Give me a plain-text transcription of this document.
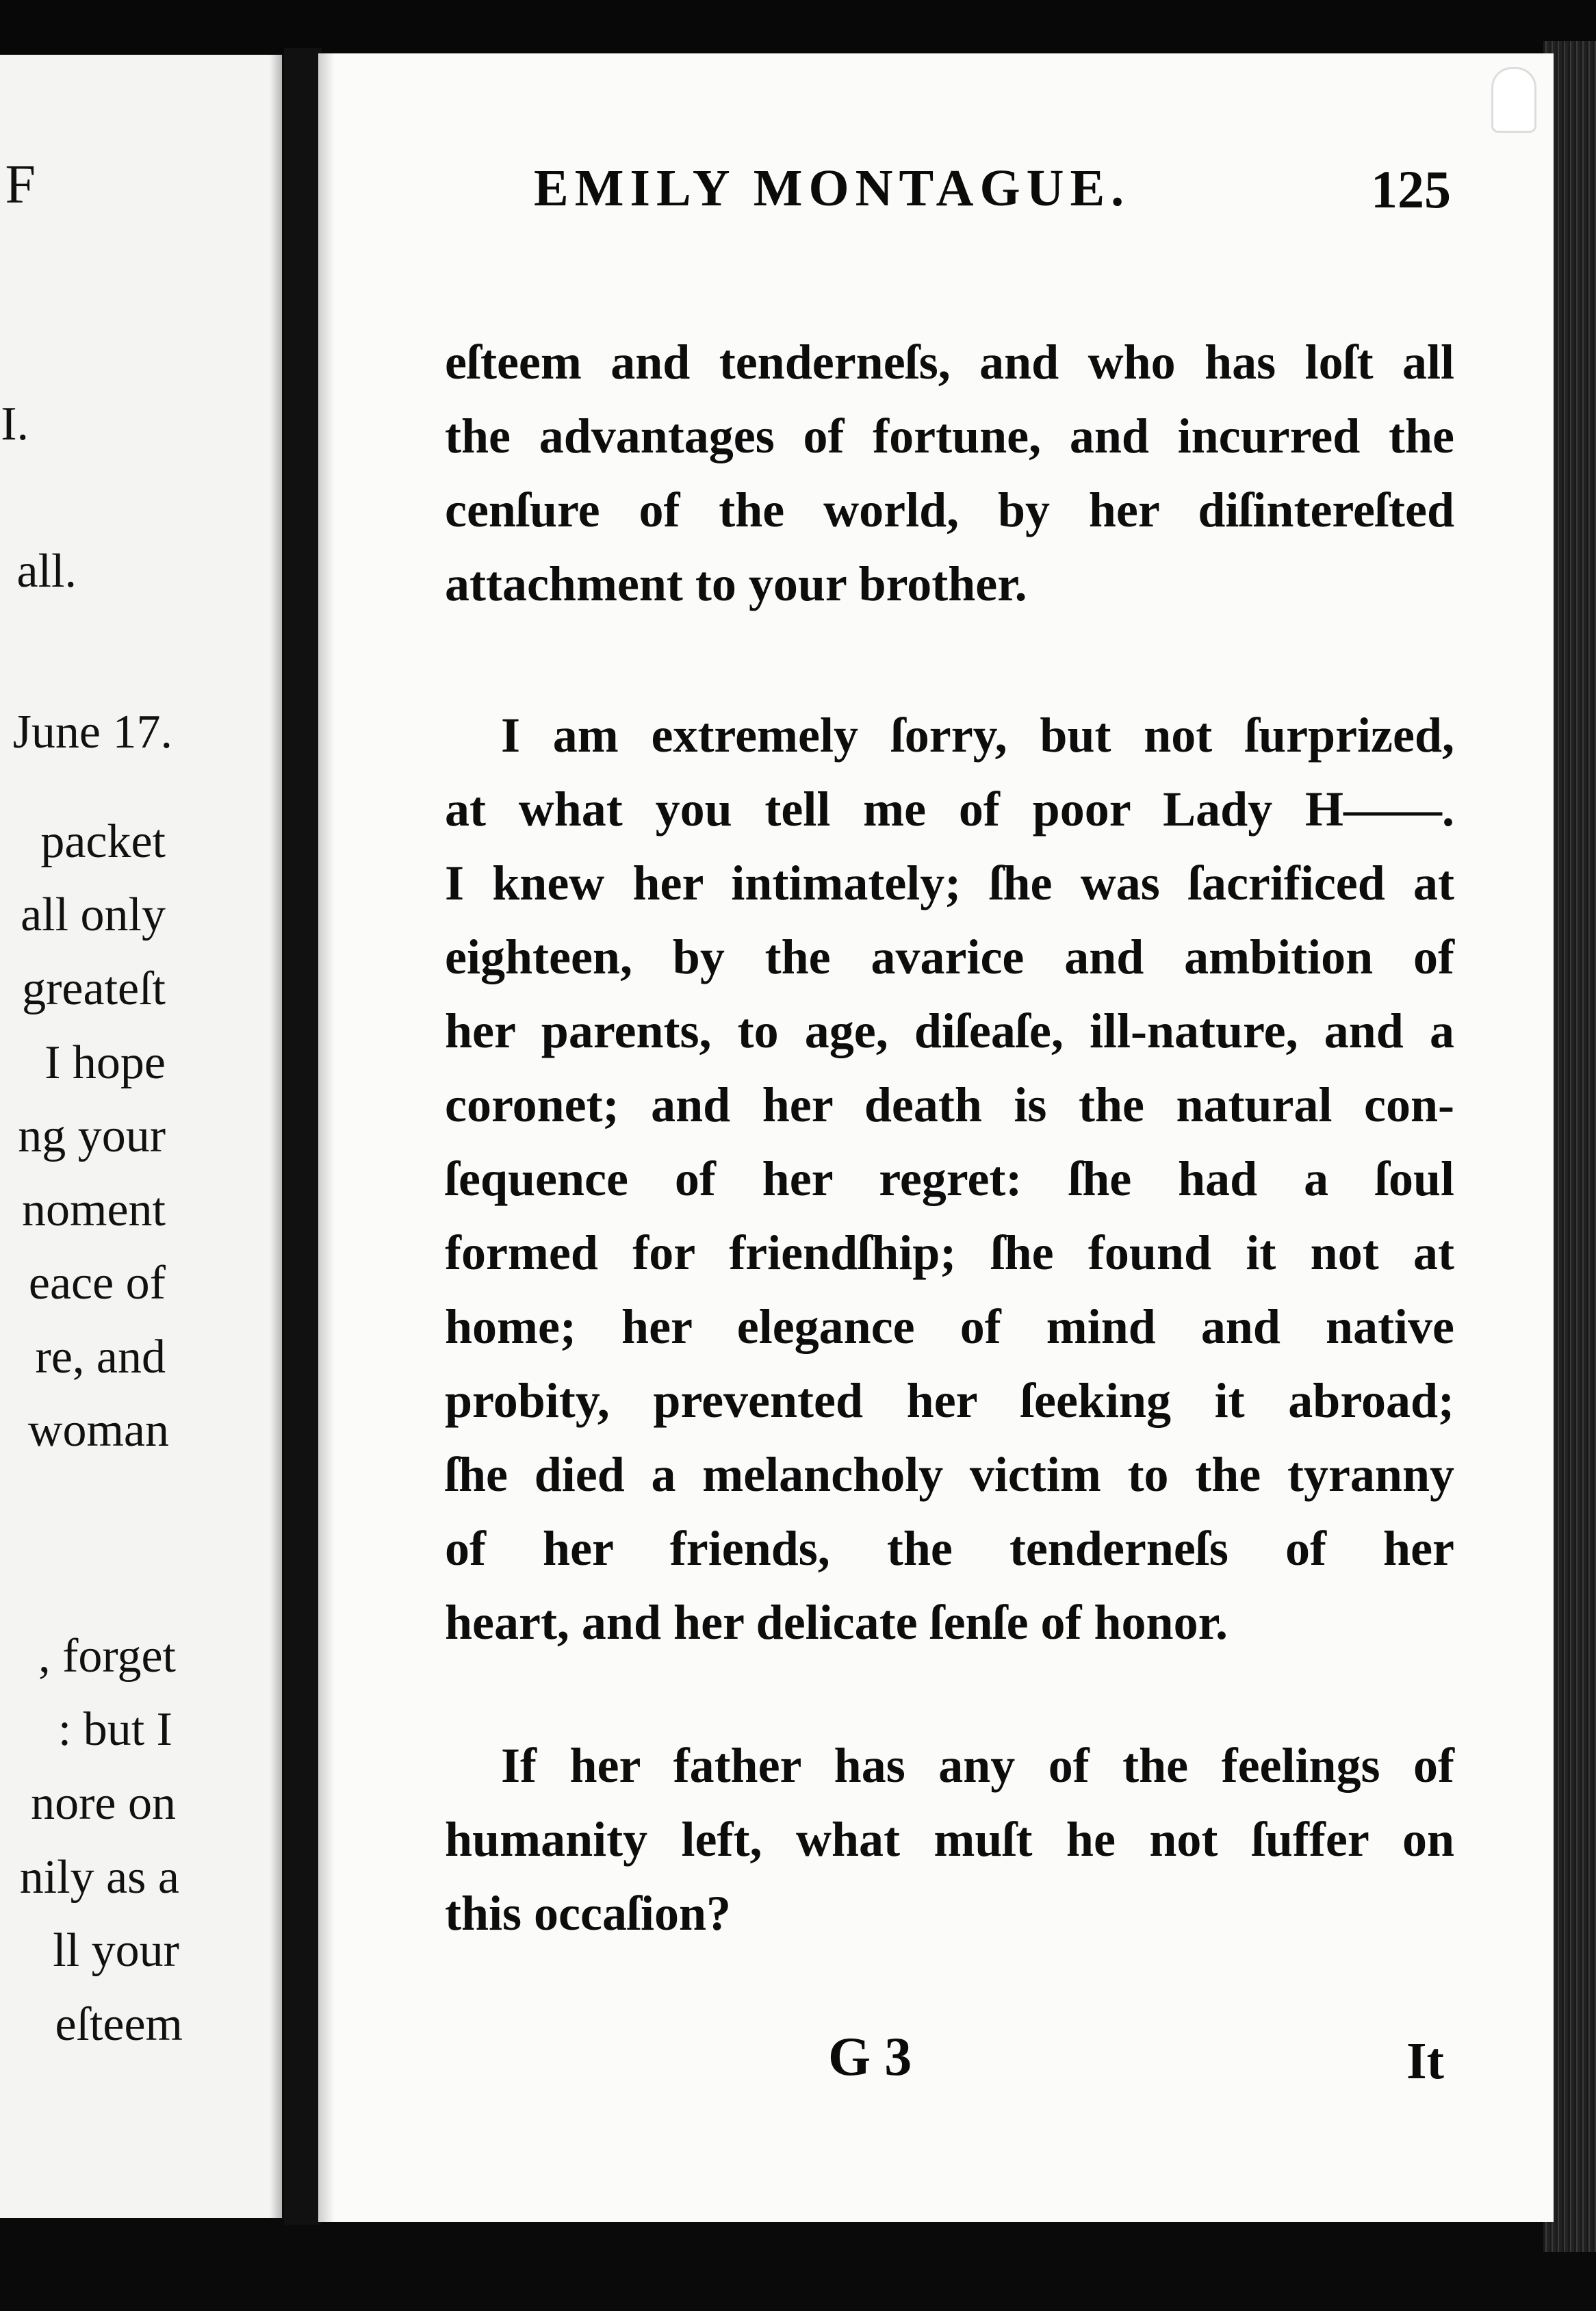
F
I.
all.
June 17.
packet
all only
greateſt
I hope
ng your
noment
eace of
re, and
woman
, forget
: but I
nore on
nily as a
ll your
eſteem
EMILY MONTAGUE.	125
eſteem and tenderneſs, and who has loſt all
the advantages of fortune, and incurred the
cenſure of the world, by her diſintereſted
attachment to your brother.
I am extremely ſorry, but not ſurprized,
at what you tell me of poor Lady H——.
I knew her intimately; ſhe was ſacrificed at
eighteen, by the avarice and ambition of
her parents, to age, diſeaſe, ill-nature, and a
coronet; and her death is the natural con-
ſequence of her regret: ſhe had a ſoul
formed for friendſhip; ſhe found it not at
home; her elegance of mind and native
probity, prevented her ſeeking it abroad;
ſhe died a melancholy victim to the tyranny
of her friends, the tenderneſs of her
heart, and her delicate ſenſe of honor.
If her father has any of the feelings of
humanity left, what muſt he not ſuffer on
this occaſion?
G 3	It
